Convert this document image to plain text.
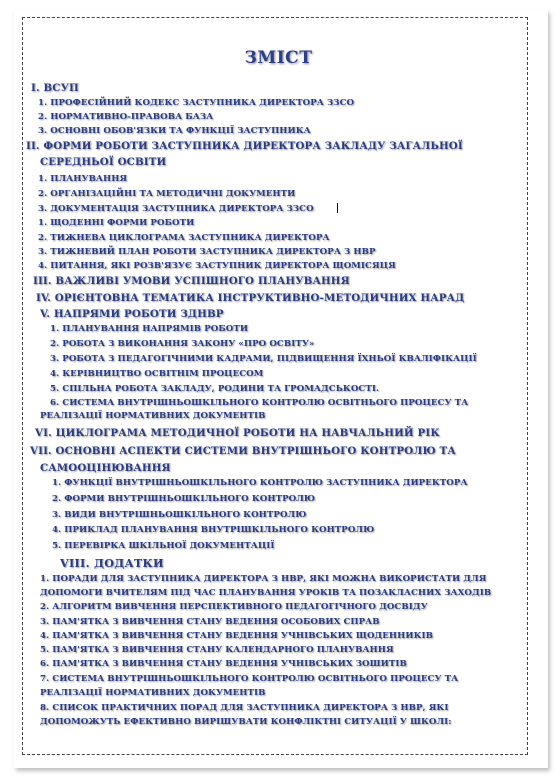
ЗМІСТ
І. ВСУП
1. ПРОФЕСІЙНИЙ КОДЕКС ЗАСТУПНИКА ДИРЕКТОРА ЗЗСО
2. НОРМАТИВНО-ПРАВОВА БАЗА
3. ОСНОВНІ ОБОВ'ЯЗКИ ТА ФУНКЦІЇ ЗАСТУПНИКА
ІІ. ФОРМИ РОБОТИ ЗАСТУПНИКА ДИРЕКТОРА ЗАКЛАДУ ЗАГАЛЬНОЇ
СЕРЕДНЬОЇ ОСВІТИ
1. ПЛАНУВАННЯ
2. ОРГАНІЗАЦІЙНІ ТА МЕТОДИЧНІ ДОКУМЕНТИ
3. ДОКУМЕНТАЦІЯ ЗАСТУПНИКА ДИРЕКТОРА ЗЗСО
1. ЩОДЕННІ ФОРМИ РОБОТИ
2. ТИЖНЕВА ЦИКЛОГРАМА ЗАСТУПНИКА ДИРЕКТОРА
3. ТИЖНЕВИЙ ПЛАН РОБОТИ ЗАСТУПНИКА ДИРЕКТОРА З НВР
4. ПИТАННЯ, ЯКІ РОЗВ'ЯЗУЄ ЗАСТУПНИК ДИРЕКТОРА ЩОМІСЯЦЯ
ІІІ. ВАЖЛИВІ УМОВИ УСПІШНОГО ПЛАНУВАННЯ
IV. ОРІЄНТОВНА ТЕМАТИКА ІНСТРУКТИВНО-МЕТОДИЧНИХ НАРАД
V. НАПРЯМИ РОБОТИ ЗДНВР
1. ПЛАНУВАННЯ НАПРЯМІВ РОБОТИ
2. РОБОТА З ВИКОНАННЯ ЗАКОНУ «ПРО ОСВІТУ»
3. РОБОТА З ПЕДАГОГІЧНИМИ КАДРАМИ, ПІДВИЩЕННЯ ЇХНЬОЇ КВАЛІФІКАЦІЇ
4. КЕРІВНИЦТВО ОСВІТНІМ ПРОЦЕСОМ
5. СПІЛЬНА РОБОТА ЗАКЛАДУ, РОДИНИ ТА ГРОМАДСЬКОСТІ.
6. СИСТЕМА ВНУТРІШНЬОШКІЛЬНОГО КОНТРОЛЮ ОСВІТНЬОГО ПРОЦЕСУ ТА
РЕАЛІЗАЦІЇ НОРМАТИВНИХ ДОКУМЕНТІВ
VI. ЦИКЛОГРАМА МЕТОДИЧНОЇ РОБОТИ НА НАВЧАЛЬНИЙ РІК
VII. ОСНОВНІ АСПЕКТИ СИСТЕМИ ВНУТРІШНЬОГО КОНТРОЛЮ ТА
САМООЦІНЮВАННЯ
1. ФУНКЦІЇ ВНУТРІШНЬОШКІЛЬНОГО КОНТРОЛЮ ЗАСТУПНИКА ДИРЕКТОРА
2. ФОРМИ ВНУТРІШНЬОШКІЛЬНОГО КОНТРОЛЮ
3. ВИДИ ВНУТРІШНЬОШКІЛЬНОГО КОНТРОЛЮ
4. ПРИКЛАД ПЛАНУВАННЯ ВНУТРІШКІЛЬНОГО КОНТРОЛЮ
5. ПЕРЕВІРКА ШКІЛЬНОЇ ДОКУМЕНТАЦІЇ
VIII. ДОДАТКИ
1. ПОРАДИ ДЛЯ ЗАСТУПНИКА ДИРЕКТОРА З НВР, ЯКІ МОЖНА ВИКОРИСТАТИ ДЛЯ
ДОПОМОГИ ВЧИТЕЛЯМ ПІД ЧАС ПЛАНУВАННЯ УРОКІВ ТА ПОЗАКЛАСНИХ ЗАХОДІВ
2. АЛГОРИТМ ВИВЧЕННЯ ПЕРСПЕКТИВНОГО ПЕДАГОГІЧНОГО ДОСВІДУ
3. ПАМ'ЯТКА З ВИВЧЕННЯ СТАНУ ВЕДЕННЯ ОСОБОВИХ СПРАВ
4. ПАМ'ЯТКА З ВИВЧЕННЯ СТАНУ ВЕДЕННЯ УЧНІВСЬКИХ ЩОДЕННИКІВ
5. ПАМ'ЯТКА З ВИВЧЕННЯ СТАНУ КАЛЕНДАРНОГО ПЛАНУВАННЯ
6. ПАМ'ЯТКА З ВИВЧЕННЯ СТАНУ ВЕДЕННЯ УЧНІВСЬКИХ ЗОШИТІВ
7. СИСТЕМА ВНУТРІШНЬОШКІЛЬНОГО КОНТРОЛЮ ОСВІТНЬОГО ПРОЦЕСУ ТА
РЕАЛІЗАЦІЇ НОРМАТИВНИХ ДОКУМЕНТІВ
8. СПИСОК ПРАКТИЧНИХ ПОРАД ДЛЯ ЗАСТУПНИКА ДИРЕКТОРА З НВР, ЯКІ
ДОПОМОЖУТЬ ЕФЕКТИВНО ВИРІШУВАТИ КОНФЛІКТНІ СИТУАЦІЇ У ШКОЛІ:
